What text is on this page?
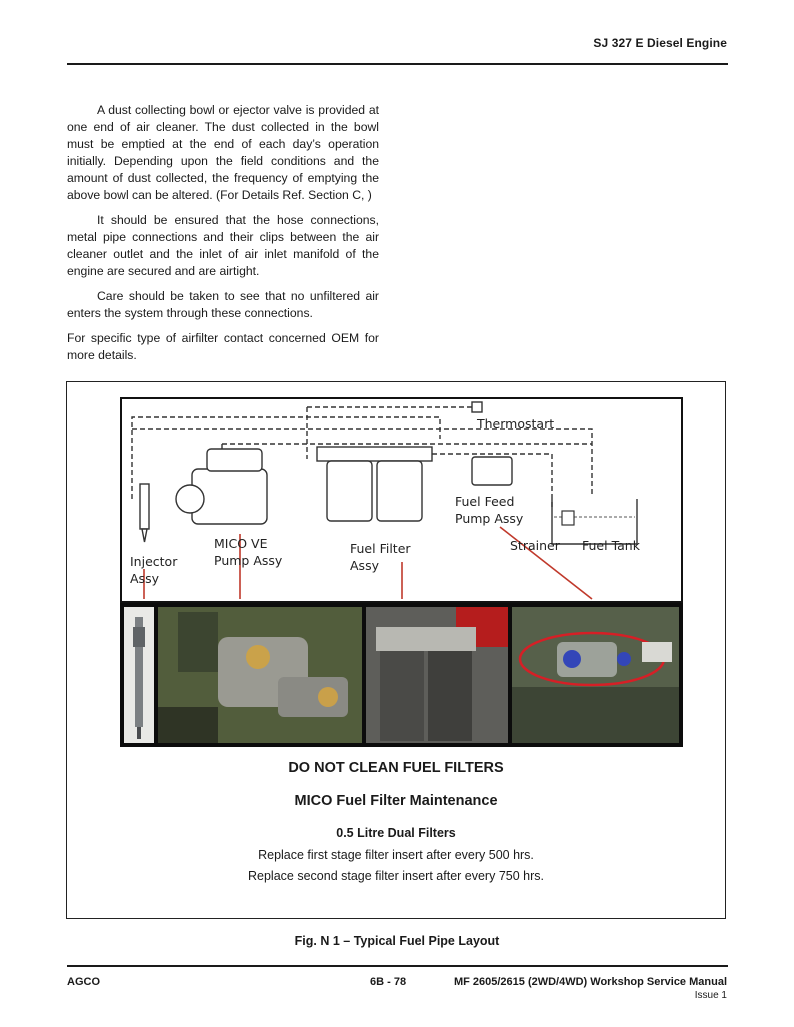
SJ 327 E Diesel Engine

A dust collecting bowl or ejector valve is provided at one end of air cleaner. The dust collected in the bowl must be emptied at the end of each day’s operation initially. Depending upon the field conditions and the amount of dust collected, the frequency of emptying the above bowl can be altered. (For Details Ref. Section C, )

It should be ensured that the hose connections, metal pipe connections and their clips between the air cleaner outlet and the inlet of air inlet manifold of the engine are secured and are airtight.

Care should be taken to see that no unfiltered air enters the system through these connections.

For specific type of airfilter contact concerned OEM for more details.

Thermostart
Fuel Feed
Pump Assy
MICO VE
Pump Assy
Fuel Filter
Assy
Injector
Assy
Strainer Fuel Tank
DO NOT CLEAN FUEL FILTERS
MICO Fuel Filter Maintenance
0.5 Litre Dual Filters
Replace first stage filter insert after every 500 hrs.
Replace second stage filter insert after every 750 hrs.
Fig. N 1 – Typical Fuel Pipe Layout
AGCO	6B - 78	MF 2605/2615 (2WD/4WD) Workshop Service Manual
Issue 1
